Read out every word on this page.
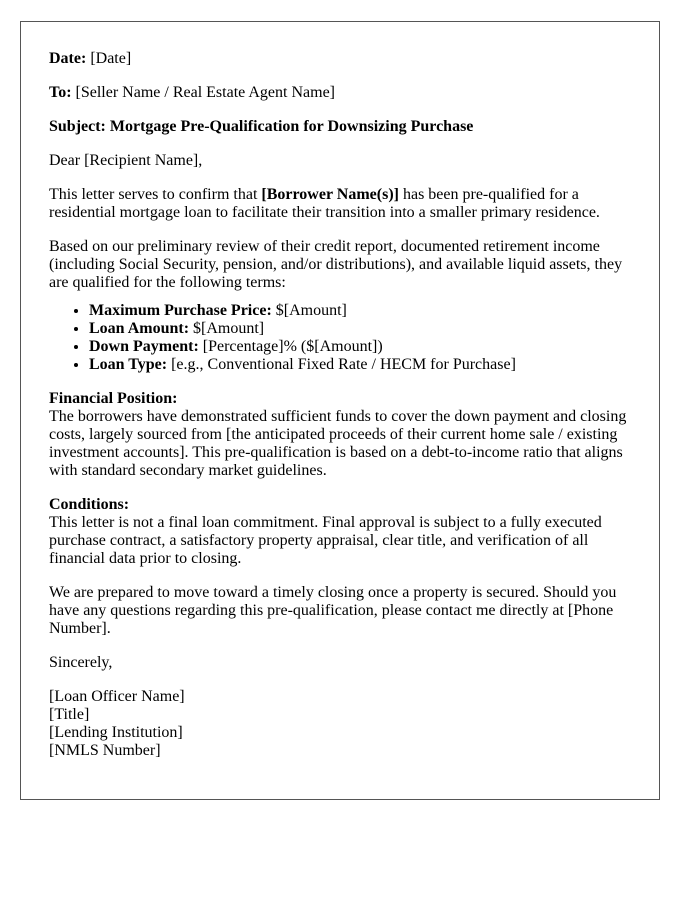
Date: [Date]

To: [Seller Name / Real Estate Agent Name]

Subject: Mortgage Pre-Qualification for Downsizing Purchase

Dear [Recipient Name],

This letter serves to confirm that [Borrower Name(s)] has been pre-qualified for a residential mortgage loan to facilitate their transition into a smaller primary residence.

Based on our preliminary review of their credit report, documented retirement income (including Social Security, pension, and/or distributions), and available liquid assets, they are qualified for the following terms:

• Maximum Purchase Price: $[Amount]
• Loan Amount: $[Amount]
• Down Payment: [Percentage]% ($[Amount])
• Loan Type: [e.g., Conventional Fixed Rate / HECM for Purchase]

Financial Position:
The borrowers have demonstrated sufficient funds to cover the down payment and closing costs, largely sourced from [the anticipated proceeds of their current home sale / existing investment accounts]. This pre-qualification is based on a debt-to-income ratio that aligns with standard secondary market guidelines.

Conditions:
This letter is not a final loan commitment. Final approval is subject to a fully executed purchase contract, a satisfactory property appraisal, clear title, and verification of all financial data prior to closing.

We are prepared to move toward a timely closing once a property is secured. Should you have any questions regarding this pre-qualification, please contact me directly at [Phone Number].

Sincerely,

[Loan Officer Name]
[Title]
[Lending Institution]
[NMLS Number]
